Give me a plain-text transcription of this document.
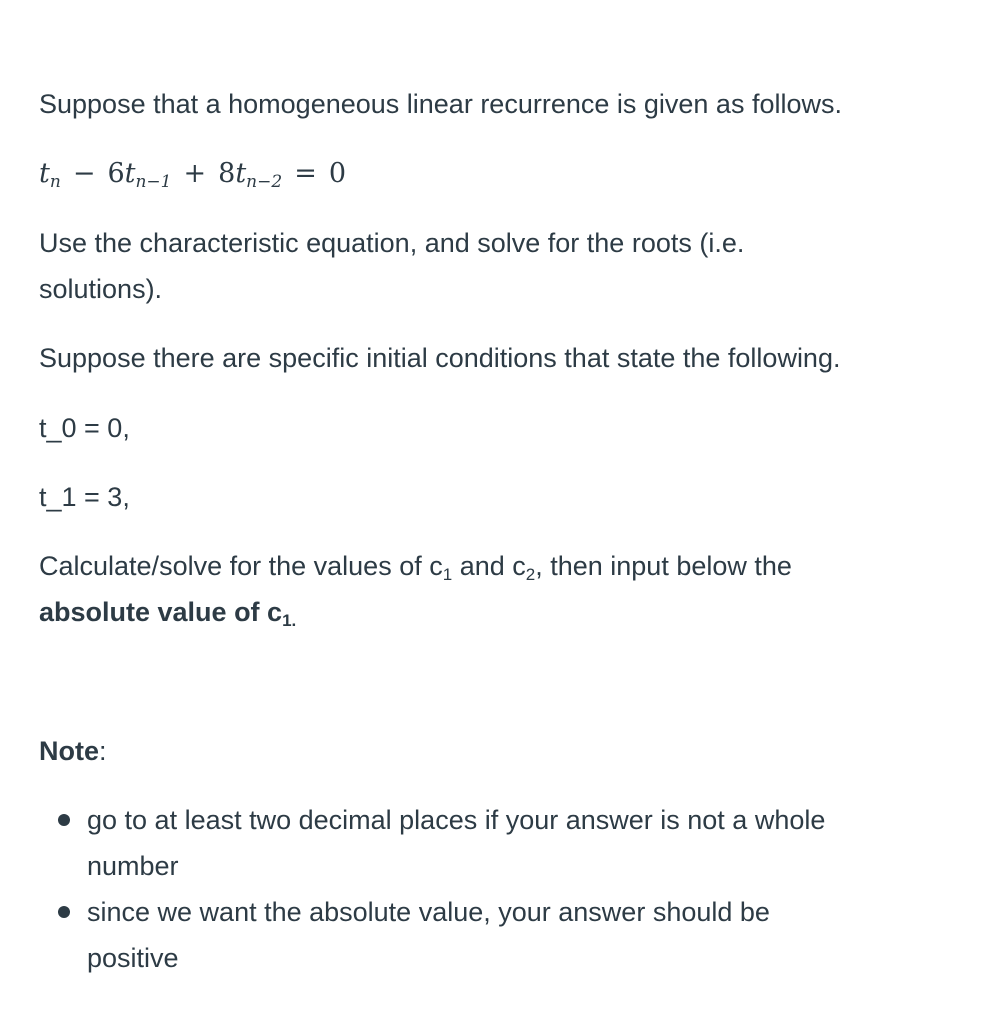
Suppose that a homogeneous linear recurrence is given as follows.
$t_n - 6t_{n-1} + 8t_{n-2} = 0$
Use the characteristic equation, and solve for the roots (i.e.
solutions).
Suppose there are specific initial conditions that state the following.
t_0 = 0,
t_1 = 3,
Calculate/solve for the values of c1 and c2, then input below the
absolute value of c1.
Note:
go to at least two decimal places if your answer is not a whole
number
since we want the absolute value, your answer should be
positive
